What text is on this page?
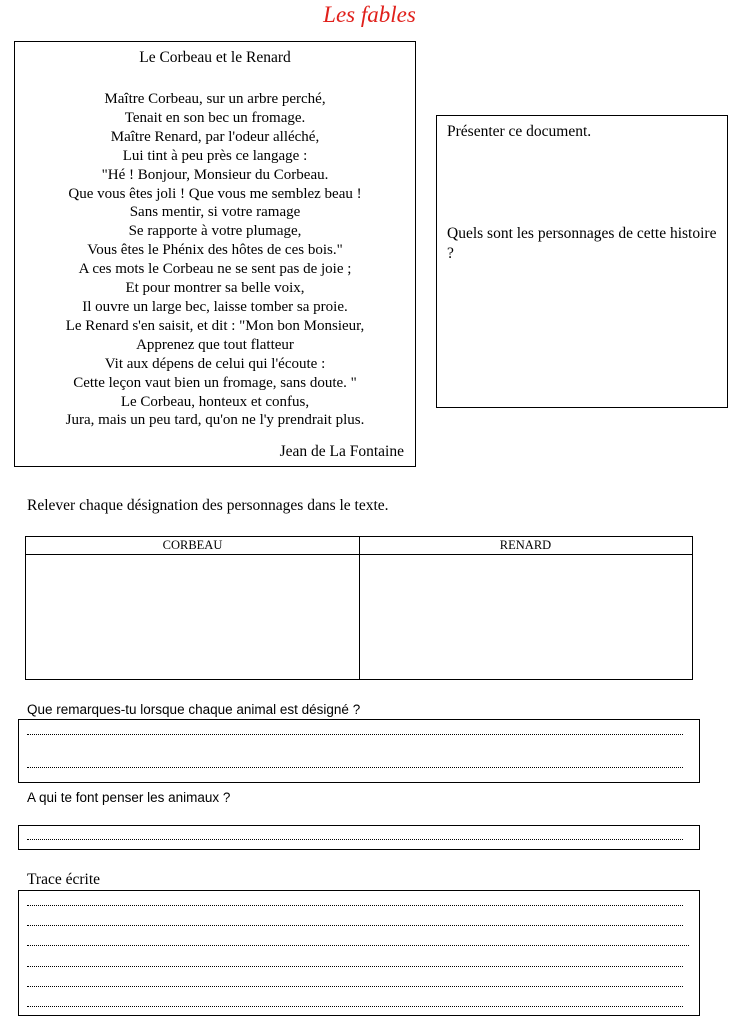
Les fables
Le Corbeau et le Renard
Maître Corbeau, sur un arbre perché,
Tenait en son bec un fromage.
Maître Renard, par l'odeur alléché,
Lui tint à peu près ce langage :
"Hé ! Bonjour, Monsieur du Corbeau.
Que vous êtes joli ! Que vous me semblez beau !
Sans mentir, si votre ramage
Se rapporte à votre plumage,
Vous êtes le Phénix des hôtes de ces bois."
A ces mots le Corbeau ne se sent pas de joie ;
Et pour montrer sa belle voix,
Il ouvre un large bec, laisse tomber sa proie.
Le Renard s'en saisit, et dit : "Mon bon Monsieur,
Apprenez que tout flatteur
Vit aux dépens de celui qui l'écoute :
Cette leçon vaut bien un fromage, sans doute. "
Le Corbeau, honteux et confus,
Jura, mais un peu tard, qu'on ne l'y prendrait plus.
Jean de La Fontaine
Présenter ce document.
Quels sont les personnages de cette histoire ?
Relever chaque désignation des personnages dans le texte.
CORBEAU	RENARD
Que remarques-tu lorsque chaque animal est désigné ?
A qui te font penser les animaux ?
Trace écrite
